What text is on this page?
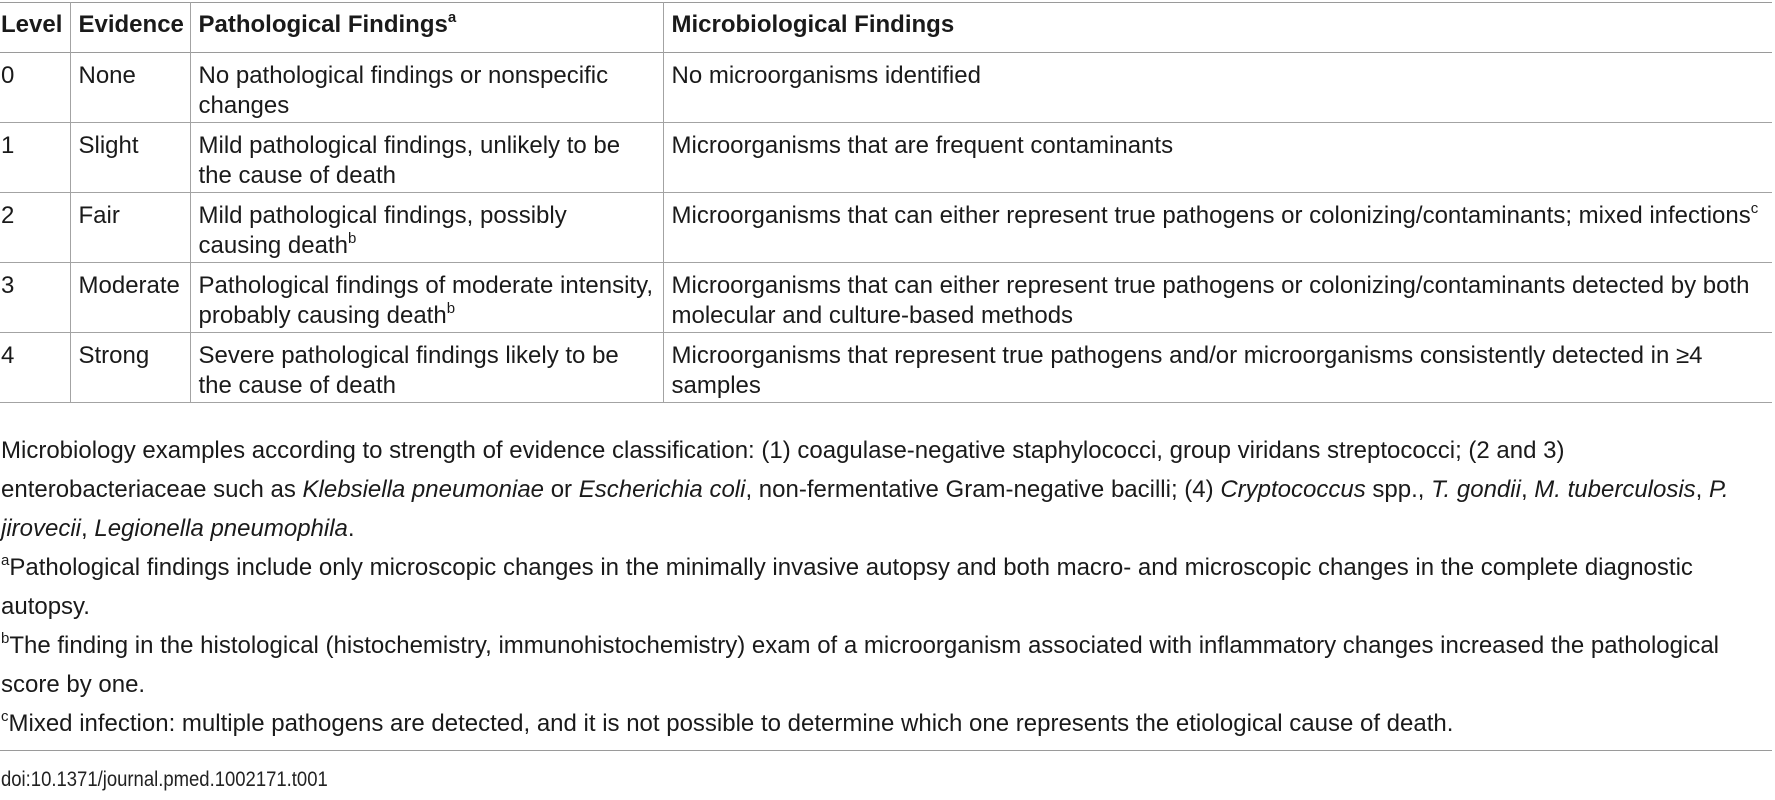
Level	Evidence	Pathological Findings$^a$	Microbiological Findings
0	None	No pathological findings or nonspecific changes	No microorganisms identified
1	Slight	Mild pathological findings, unlikely to be the cause of death	Microorganisms that are frequent contaminants
2	Fair	Mild pathological findings, possibly causing death$^b$	Microorganisms that can either represent true pathogens or colonizing/contaminants; mixed infections$^c$
3	Moderate	Pathological findings of moderate intensity, probably causing death$^b$	Microorganisms that can either represent true pathogens or colonizing/contaminants detected by both molecular and culture-based methods
4	Strong	Severe pathological findings likely to be the cause of death	Microorganisms that represent true pathogens and/or microorganisms consistently detected in ≥4 samples

Microbiology examples according to strength of evidence classification: (1) coagulase-negative staphylococci, group viridans streptococci; (2 and 3) enterobacteriaceae such as Klebsiella pneumoniae or Escherichia coli, non-fermentative Gram-negative bacilli; (4) Cryptococcus spp., T. gondii, M. tuberculosis, P. jirovecii, Legionella pneumophila.

$^a$Pathological findings include only microscopic changes in the minimally invasive autopsy and both macro- and microscopic changes in the complete diagnostic autopsy.

$^b$The finding in the histological (histochemistry, immunohistochemistry) exam of a microorganism associated with inflammatory changes increased the pathological score by one.

$^c$Mixed infection: multiple pathogens are detected, and it is not possible to determine which one represents the etiological cause of death.

doi:10.1371/journal.pmed.1002171.t001
